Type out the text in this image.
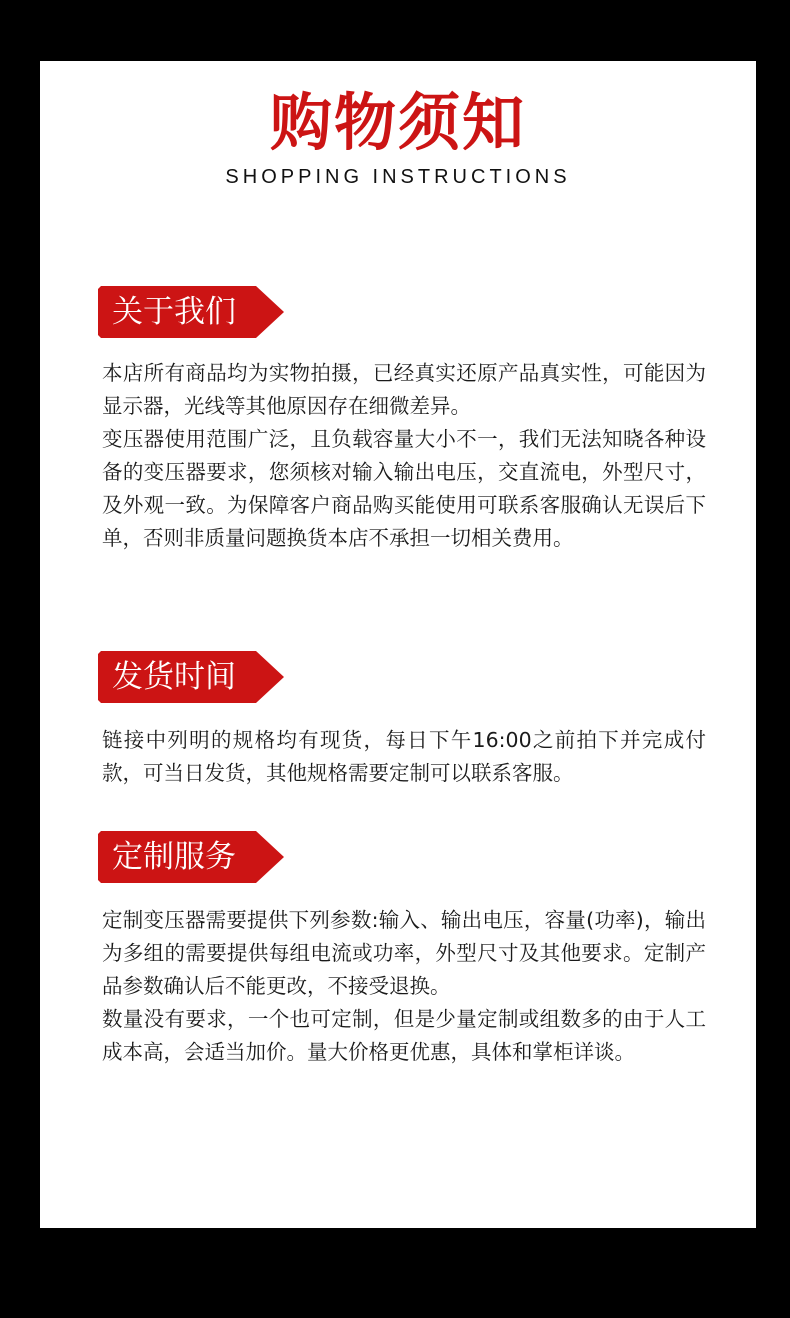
购物须知
SHOPPING INSTRUCTIONS
关于我们

本店所有商品均为实物拍摄，已经真实还原产品真实性，可能因为显示器，光线等其他原因存在细微差异。

变压器使用范围广泛，且负载容量大小不一，我们无法知晓各种设备的变压器要求，您须核对输入输出电压，交直流电，外型尺寸，及外观一致。为保障客户商品购买能使用可联系客服确认无误后下单，否则非质量问题换货本店不承担一切相关费用。

发货时间

链接中列明的规格均有现货，每日下午16:00之前拍下并完成付款，可当日发货，其他规格需要定制可以联系客服。

定制服务

定制变压器需要提供下列参数:输入、输出电压，容量(功率)，输出为多组的需要提供每组电流或功率，外型尺寸及其他要求。定制产品参数确认后不能更改，不接受退换。

数量没有要求，一个也可定制，但是少量定制或组数多的由于人工成本高，会适当加价。量大价格更优惠，具体和掌柜详谈。
